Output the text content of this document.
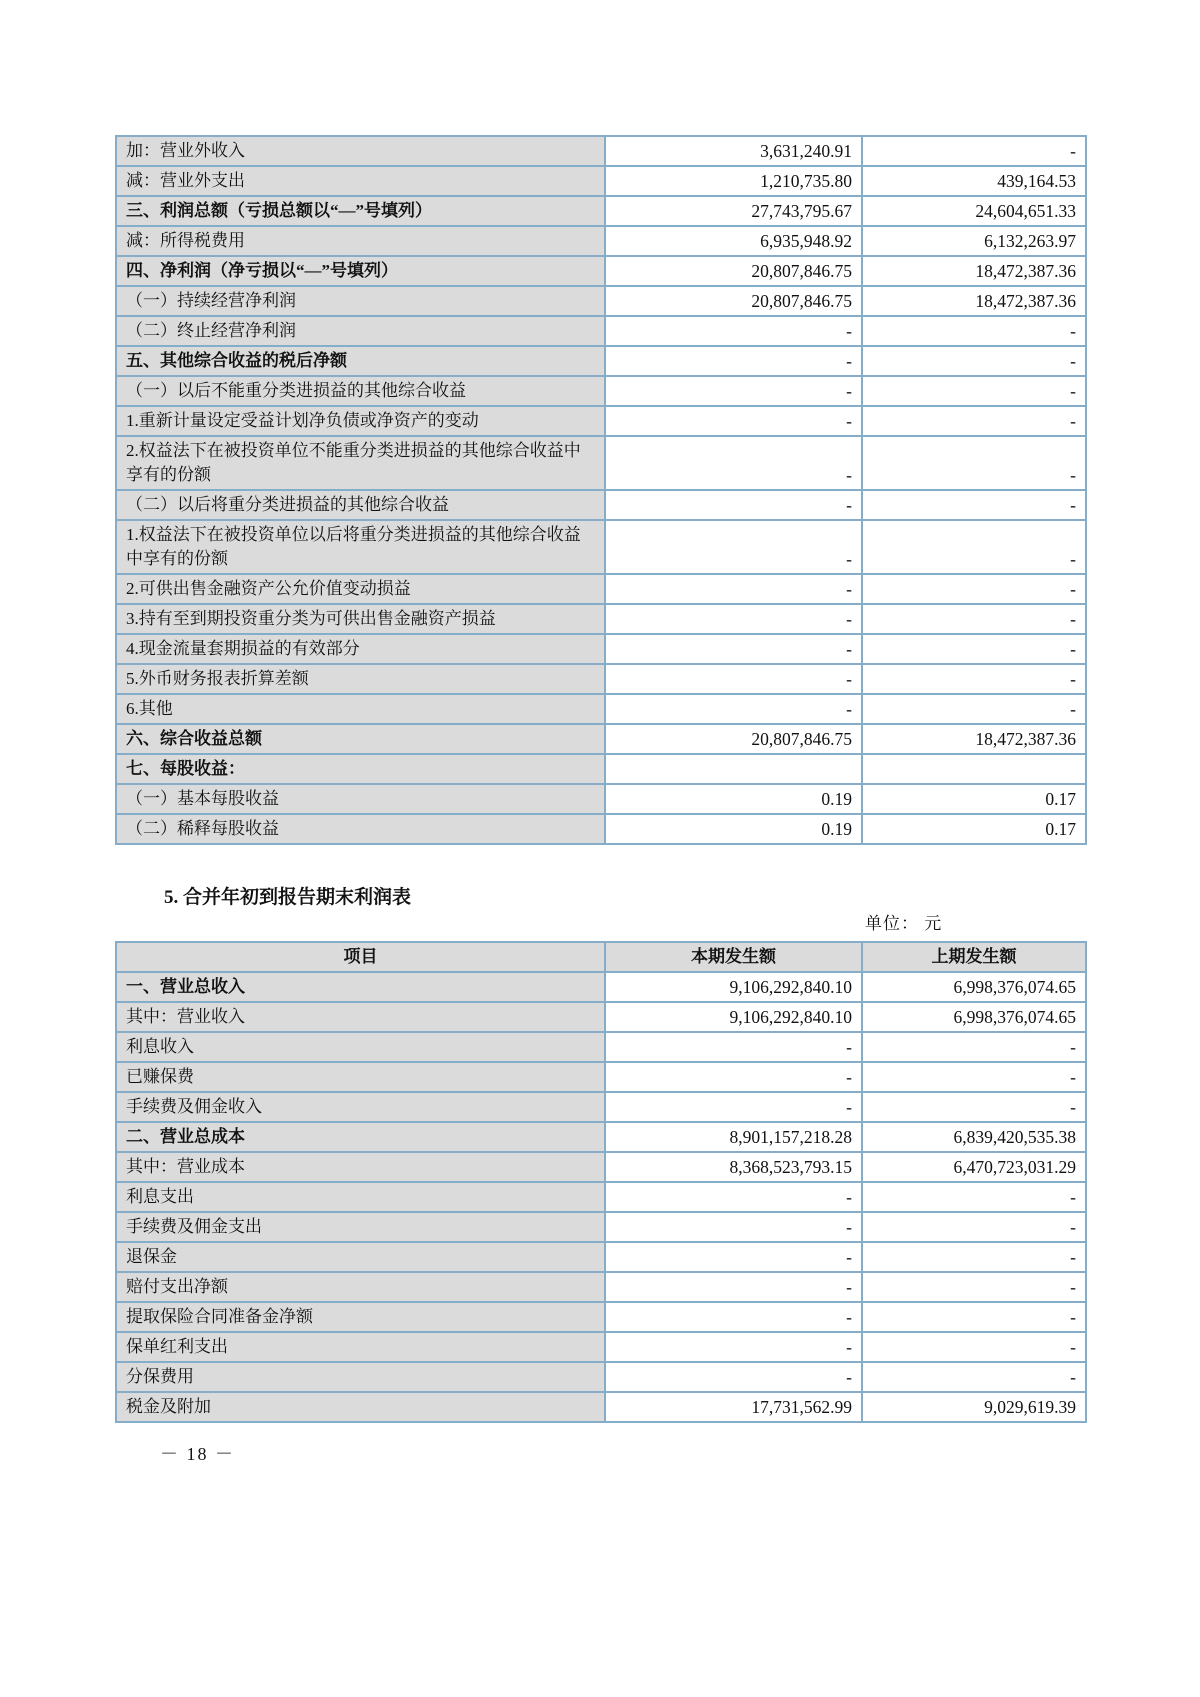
加：营业外收入	3,631,240.91	-
减：营业外支出	1,210,735.80	439,164.53
三、利润总额（亏损总额以“—”号填列）	27,743,795.67	24,604,651.33
减：所得税费用	6,935,948.92	6,132,263.97
四、净利润（净亏损以“—”号填列）	20,807,846.75	18,472,387.36
（一）持续经营净利润	20,807,846.75	18,472,387.36
（二）终止经营净利润	-	-
五、其他综合收益的税后净额	-	-
（一）以后不能重分类进损益的其他综合收益	-	-
1.重新计量设定受益计划净负债或净资产的变动	-	-
2.权益法下在被投资单位不能重分类进损益的其他综合收益中享有的份额	-	-
（二）以后将重分类进损益的其他综合收益	-	-
1.权益法下在被投资单位以后将重分类进损益的其他综合收益中享有的份额	-	-
2.可供出售金融资产公允价值变动损益	-	-
3.持有至到期投资重分类为可供出售金融资产损益	-	-
4.现金流量套期损益的有效部分	-	-
5.外币财务报表折算差额	-	-
6.其他	-	-
六、综合收益总额	20,807,846.75	18,472,387.36
七、每股收益：		
（一）基本每股收益	0.19	0.17
（二）稀释每股收益	0.19	0.17
5. 合并年初到报告期末利润表
单位： 元
项目	本期发生额	上期发生额
一、营业总收入	9,106,292,840.10	6,998,376,074.65
其中：营业收入	9,106,292,840.10	6,998,376,074.65
利息收入	-	-
已赚保费	-	-
手续费及佣金收入	-	-
二、营业总成本	8,901,157,218.28	6,839,420,535.38
其中：营业成本	8,368,523,793.15	6,470,723,031.29
利息支出	-	-
手续费及佣金支出	-	-
退保金	-	-
赔付支出净额	-	-
提取保险合同准备金净额	-	-
保单红利支出	-	-
分保费用	-	-
税金及附加	17,731,562.99	9,029,619.39
－ 18 －
